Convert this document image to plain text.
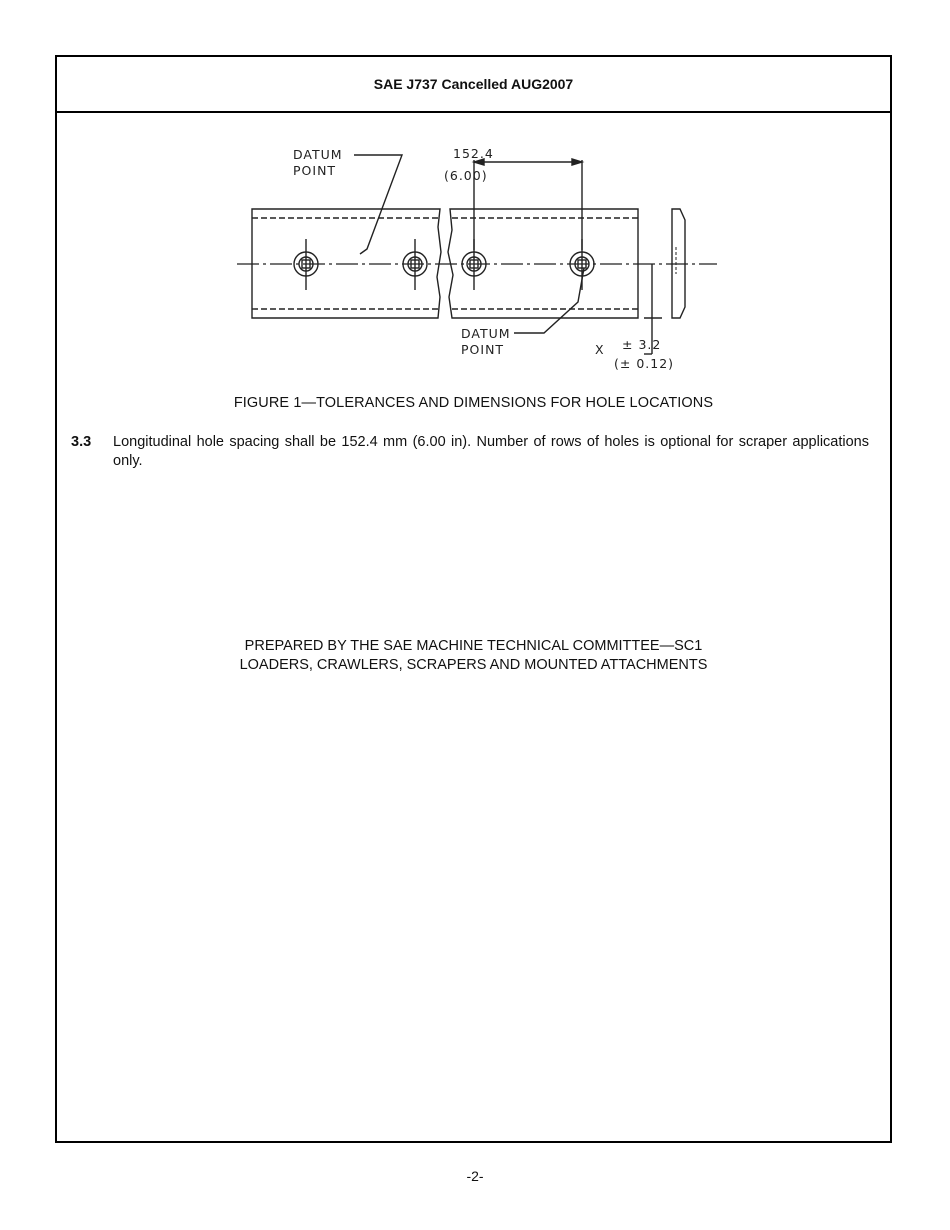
SAE J737 Cancelled AUG2007
DATUM
POINT
152.4
(6.00)
DATUM
POINT	X ± 3.2
(± 0.12)
FIGURE 1—TOLERANCES AND DIMENSIONS FOR HOLE LOCATIONS
3.3 Longitudinal hole spacing shall be 152.4 mm (6.00 in). Number of rows of holes is optional for scraper applications only.
PREPARED BY THE SAE MACHINE TECHNICAL COMMITTEE—SC1
LOADERS, CRAWLERS, SCRAPERS AND MOUNTED ATTACHMENTS
-2-
